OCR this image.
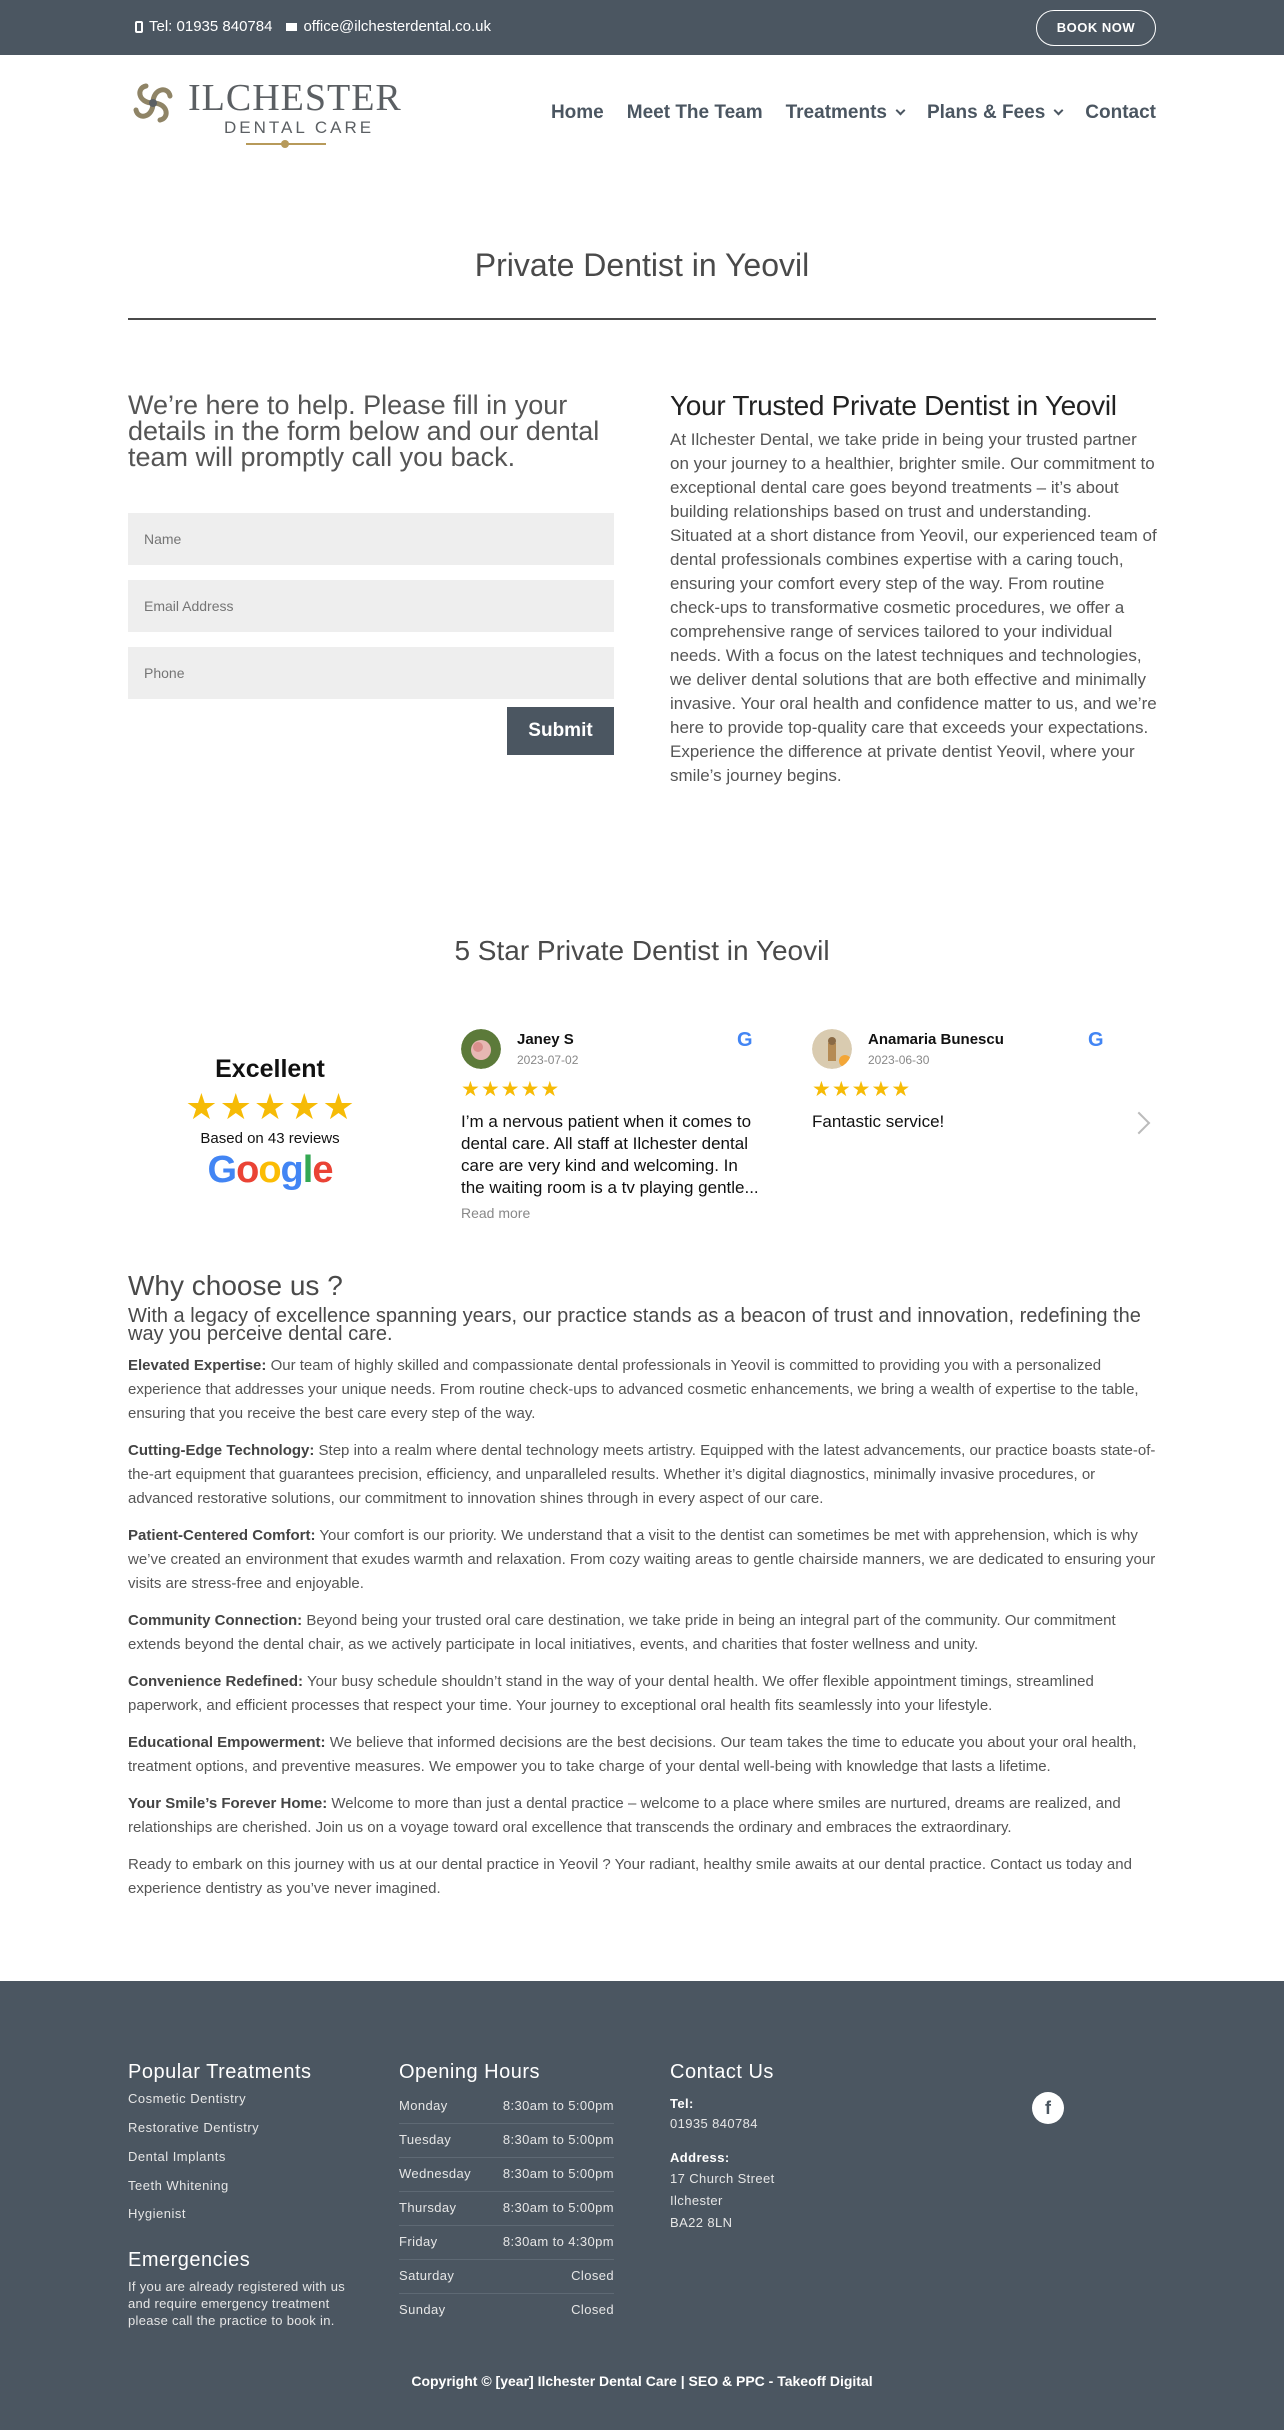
Tel: 01935 840784 office@ilchesterdental.co.uk	BOOK NOW
ILCHESTER
DENTAL CARE
Home Meet The Team Treatments Plans & Fees Contact
Private Dentist in Yeovil
We’re here to help. Please fill in your details in the form below and our dental team will promptly call you back.
Name
Email Address
Phone
Submit
Your Trusted Private Dentist in Yeovil

At Ilchester Dental, we take pride in being your trusted partner on your journey to a healthier, brighter smile. Our commitment to exceptional dental care goes beyond treatments – it’s about building relationships based on trust and understanding. Situated at a short distance from Yeovil, our experienced team of dental professionals combines expertise with a caring touch, ensuring your comfort every step of the way. From routine check-ups to transformative cosmetic procedures, we offer a comprehensive range of services tailored to your individual needs. With a focus on the latest techniques and technologies, we deliver dental solutions that are both effective and minimally invasive. Your oral health and confidence matter to us, and we’re here to provide top-quality care that exceeds your expectations. Experience the difference at private dentist Yeovil, where your smile’s journey begins.

5 Star Private Dentist in Yeovil
Excellent
★ ★ ★ ★ ★
Based on 43 reviews
Google
Janey S
2023-07-02
G
★ ★ ★ ★ ★
I’m a nervous patient when it comes to dental care. All staff at Ilchester dental care are very kind and welcoming. In the waiting room is a tv playing gentle...
Read more
Anamaria Bunescu
2023-06-30
G
★ ★ ★ ★ ★
Fantastic service!
Why choose us ?

With a legacy of excellence spanning years, our practice stands as a beacon of trust and innovation, redefining the way you perceive dental care.

Elevated Expertise: Our team of highly skilled and compassionate dental professionals in Yeovil is committed to providing you with a personalized experience that addresses your unique needs. From routine check-ups to advanced cosmetic enhancements, we bring a wealth of expertise to the table, ensuring that you receive the best care every step of the way.

Cutting-Edge Technology: Step into a realm where dental technology meets artistry. Equipped with the latest advancements, our practice boasts state-of-the-art equipment that guarantees precision, efficiency, and unparalleled results. Whether it’s digital diagnostics, minimally invasive procedures, or advanced restorative solutions, our commitment to innovation shines through in every aspect of our care.

Patient-Centered Comfort: Your comfort is our priority. We understand that a visit to the dentist can sometimes be met with apprehension, which is why we’ve created an environment that exudes warmth and relaxation. From cozy waiting areas to gentle chairside manners, we are dedicated to ensuring your visits are stress-free and enjoyable.

Community Connection: Beyond being your trusted oral care destination, we take pride in being an integral part of the community. Our commitment extends beyond the dental chair, as we actively participate in local initiatives, events, and charities that foster wellness and unity.

Convenience Redefined: Your busy schedule shouldn’t stand in the way of your dental health. We offer flexible appointment timings, streamlined paperwork, and efficient processes that respect your time. Your journey to exceptional oral health fits seamlessly into your lifestyle.

Educational Empowerment: We believe that informed decisions are the best decisions. Our team takes the time to educate you about your oral health, treatment options, and preventive measures. We empower you to take charge of your dental well-being with knowledge that lasts a lifetime.

Your Smile’s Forever Home: Welcome to more than just a dental practice – welcome to a place where smiles are nurtured, dreams are realized, and relationships are cherished. Join us on a voyage toward oral excellence that transcends the ordinary and embraces the extraordinary.

Ready to embark on this journey with us at our dental practice in Yeovil ? Your radiant, healthy smile awaits at our dental practice. Contact us today and experience dentistry as you’ve never imagined.

Popular Treatments
Cosmetic Dentistry
Restorative Dentistry
Dental Implants
Teeth Whitening
Hygienist
Emergencies
If you are already registered with us and require emergency treatment please call the practice to book in.
Opening Hours
Monday	8:30am to 5:00pm
Tuesday	8:30am to 5:00pm
Wednesday 8:30am to 5:00pm
Thursday	8:30am to 5:00pm
Friday	8:30am to 4:30pm
Saturday	Closed
Sunday	Closed
Contact Us
Tel:
01935 840784
Address:
17 Church Street
Ilchester
BA22 8LN
f
Copyright © [year] Ilchester Dental Care | SEO & PPC - Takeoff Digital
